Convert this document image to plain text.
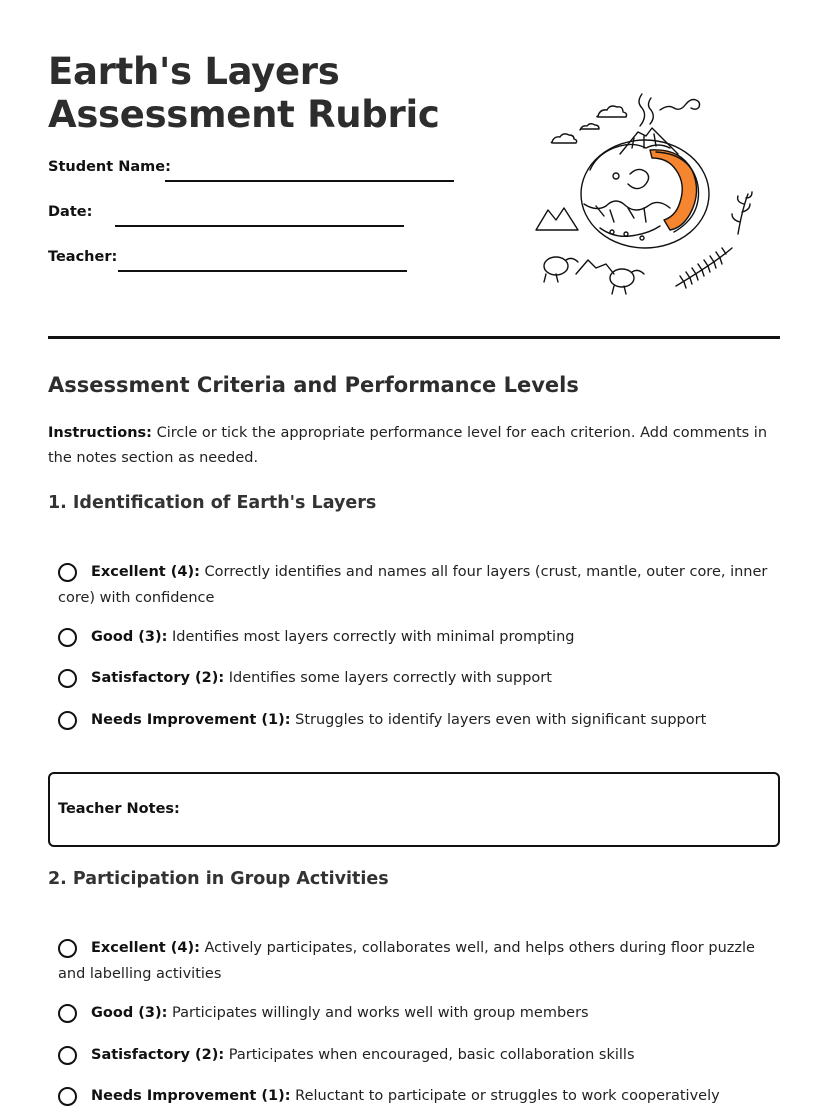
Earth's Layers
Assessment Rubric
Student Name:
Date:
Teacher:
Assessment Criteria and Performance Levels

Instructions: Circle or tick the appropriate performance level for each criterion. Add comments in the notes section as needed.

1. Identification of Earth's Layers
Excellent (4): Correctly identifies and names all four layers (crust, mantle, outer core, inner core) with confidence
Good (3): Identifies most layers correctly with minimal prompting
Satisfactory (2): Identifies some layers correctly with support
Needs Improvement (1): Struggles to identify layers even with significant support
Teacher Notes:
2. Participation in Group Activities
Excellent (4): Actively participates, collaborates well, and helps others during floor puzzle and labelling activities
Good (3): Participates willingly and works well with group members
Satisfactory (2): Participates when encouraged, basic collaboration skills
Needs Improvement (1): Reluctant to participate or struggles to work cooperatively
